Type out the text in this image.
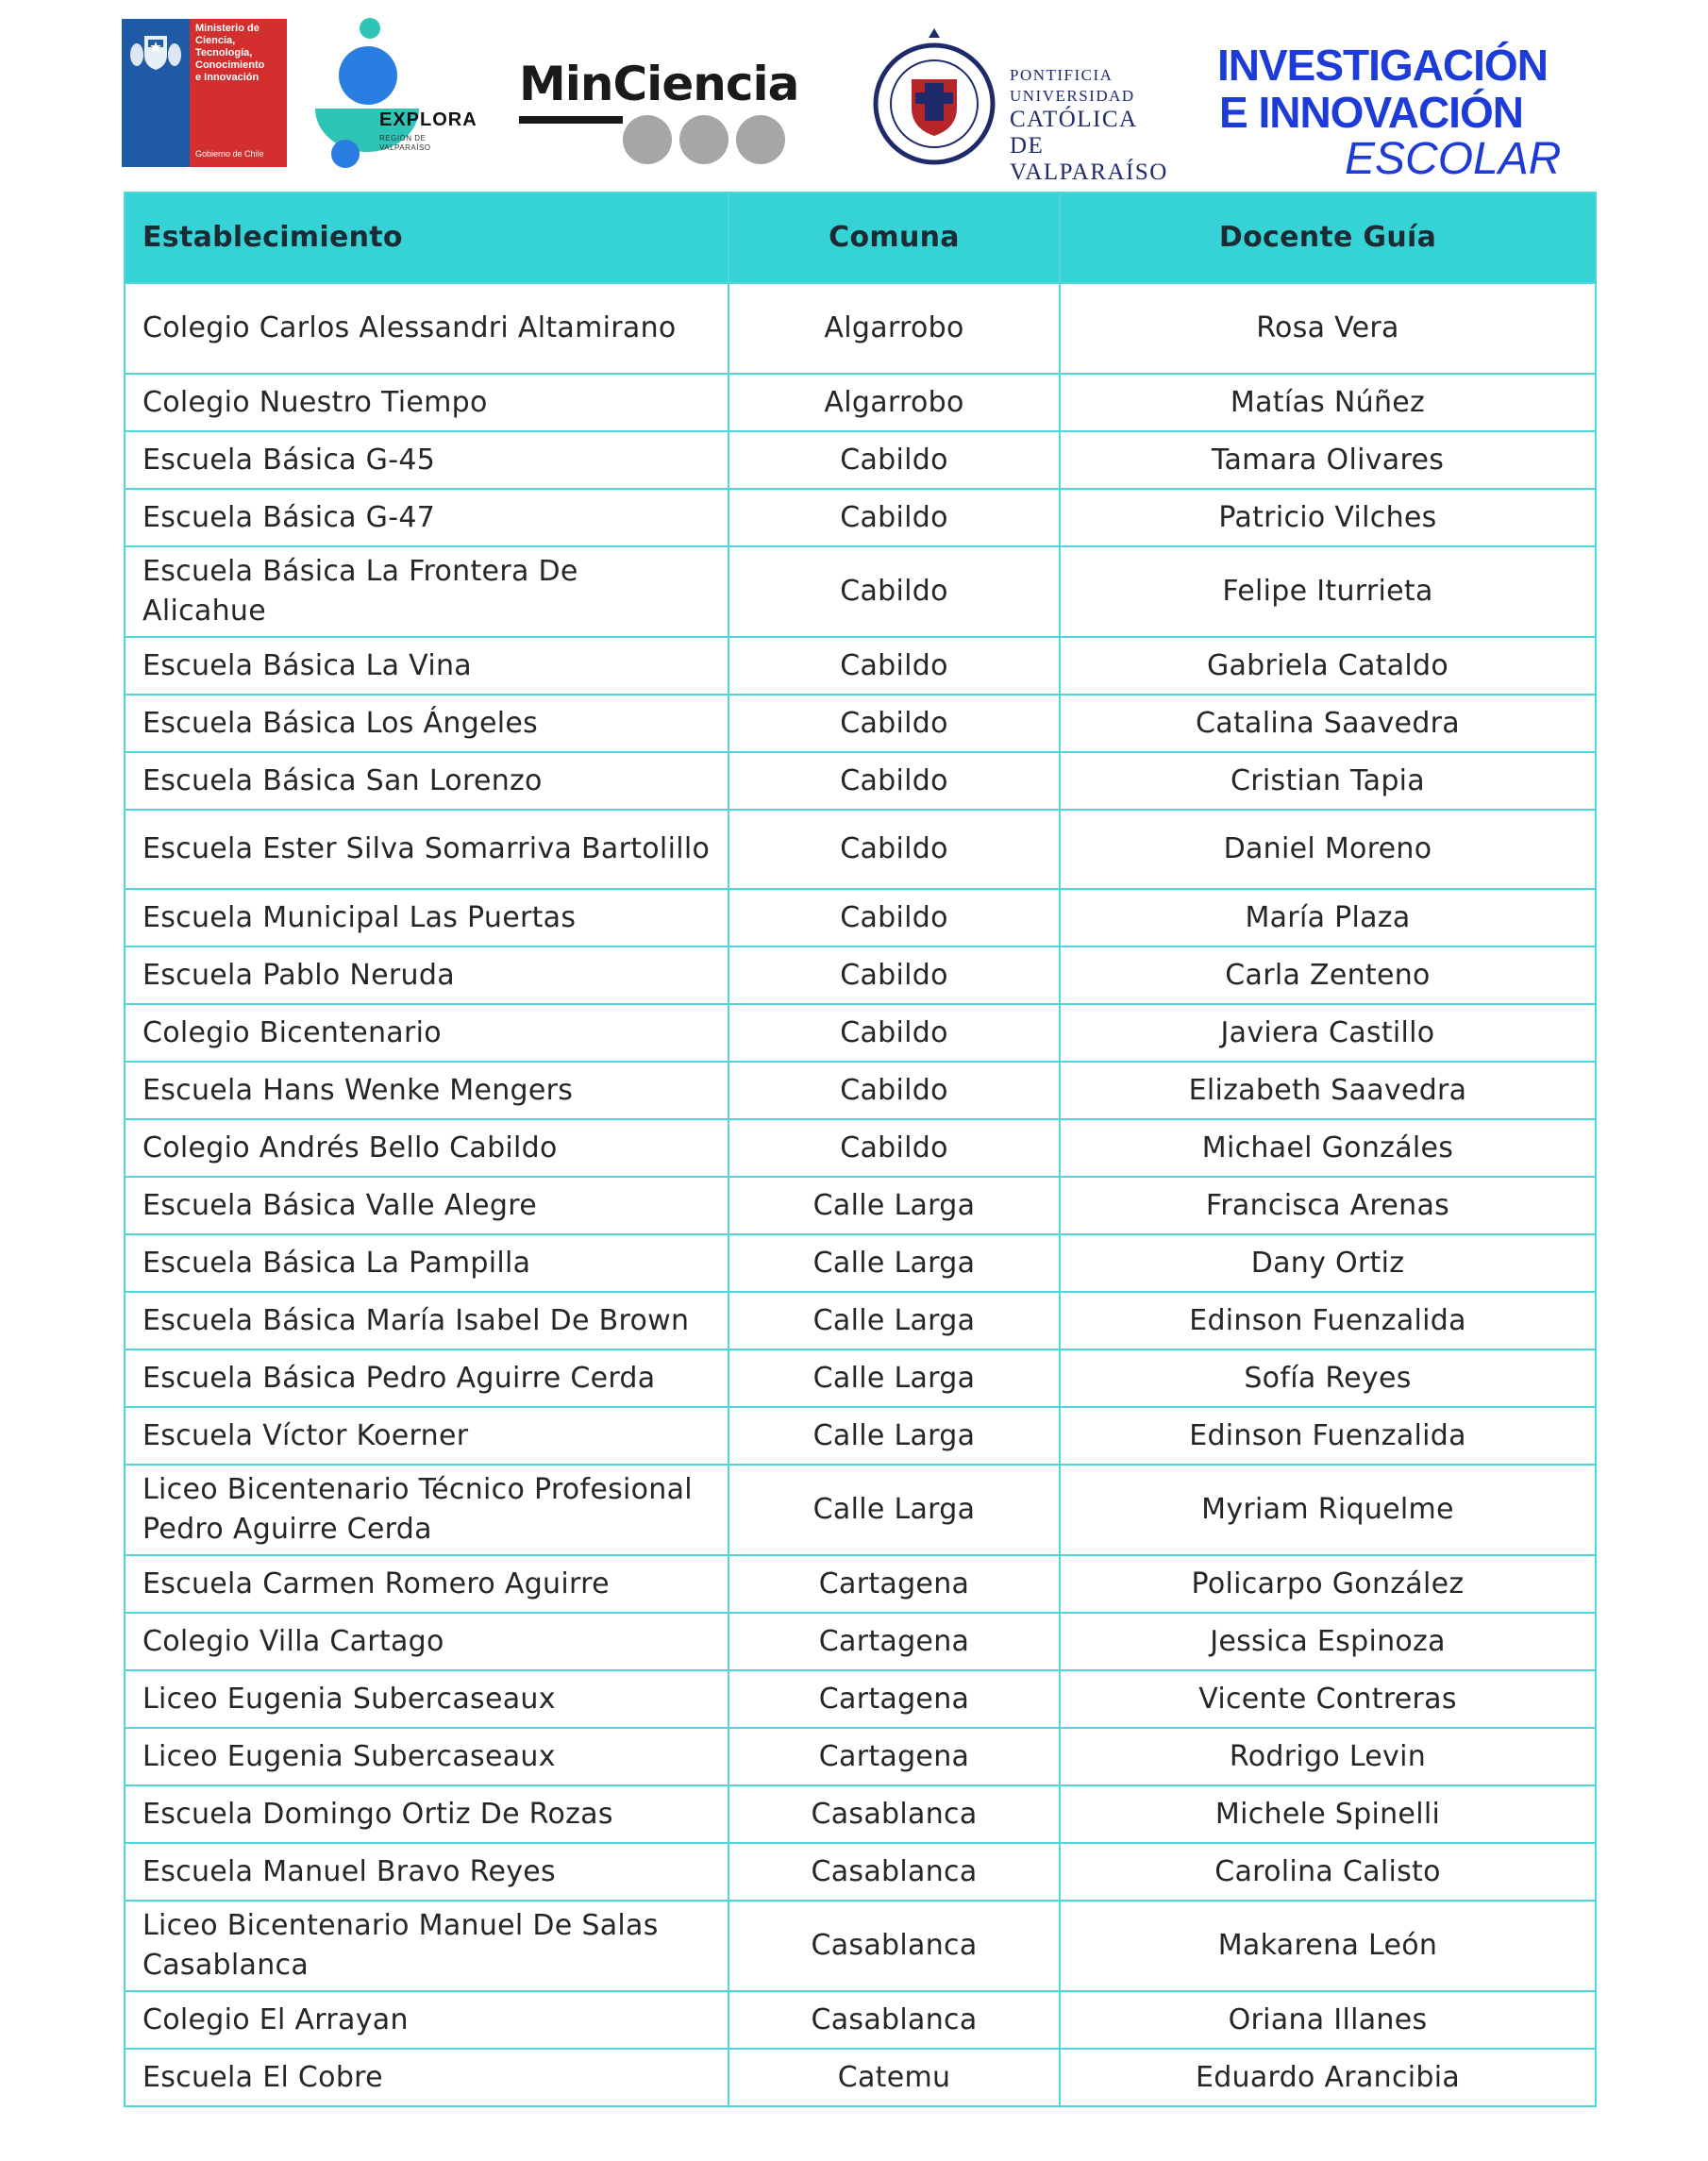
Ministerio de
Ciencia,
Tecnología,
Conocimiento
e Innovación
Gobierno de Chile
EXPLORA
REGIÓN DE
VALPARAÍSO
MinCiencia	PONTIFICIA
UNIVERSIDAD
CATÓLICA DE
VALPARAÍSO
INVESTIGACIÓN
E INNOVACIÓN
ESCOLAR
Establecimiento	Comuna	Docente Guía
Colegio Carlos Alessandri Altamirano	Algarrobo	Rosa Vera
Colegio Nuestro Tiempo	Algarrobo	Matías Núñez
Escuela Básica G-45	Cabildo	Tamara Olivares
Escuela Básica G-47	Cabildo	Patricio Vilches
Escuela Básica La Frontera De Alicahue	Cabildo	Felipe Iturrieta
Escuela Básica La Vina	Cabildo	Gabriela Cataldo
Escuela Básica Los Ángeles	Cabildo	Catalina Saavedra
Escuela Básica San Lorenzo	Cabildo	Cristian Tapia
Escuela Ester Silva Somarriva Bartolillo	Cabildo	Daniel Moreno
Escuela Municipal Las Puertas	Cabildo	María Plaza
Escuela Pablo Neruda	Cabildo	Carla Zenteno
Colegio Bicentenario	Cabildo	Javiera Castillo
Escuela Hans Wenke Mengers	Cabildo	Elizabeth Saavedra
Colegio Andrés Bello Cabildo	Cabildo	Michael Gonzáles
Escuela Básica Valle Alegre	Calle Larga	Francisca Arenas
Escuela Básica La Pampilla	Calle Larga	Dany Ortiz
Escuela Básica María Isabel De Brown	Calle Larga	Edinson Fuenzalida
Escuela Básica Pedro Aguirre Cerda	Calle Larga	Sofía Reyes
Escuela Víctor Koerner	Calle Larga	Edinson Fuenzalida
Liceo Bicentenario Técnico Profesional Pedro Aguirre Cerda	Calle Larga	Myriam Riquelme
Escuela Carmen Romero Aguirre	Cartagena	Policarpo González
Colegio Villa Cartago	Cartagena	Jessica Espinoza
Liceo Eugenia Subercaseaux	Cartagena	Vicente Contreras
Liceo Eugenia Subercaseaux	Cartagena	Rodrigo Levin
Escuela Domingo Ortiz De Rozas	Casablanca	Michele Spinelli
Escuela Manuel Bravo Reyes	Casablanca	Carolina Calisto
Liceo Bicentenario Manuel De Salas Casablanca	Casablanca	Makarena León
Colegio El Arrayan	Casablanca	Oriana Illanes
Escuela El Cobre	Catemu	Eduardo Arancibia
